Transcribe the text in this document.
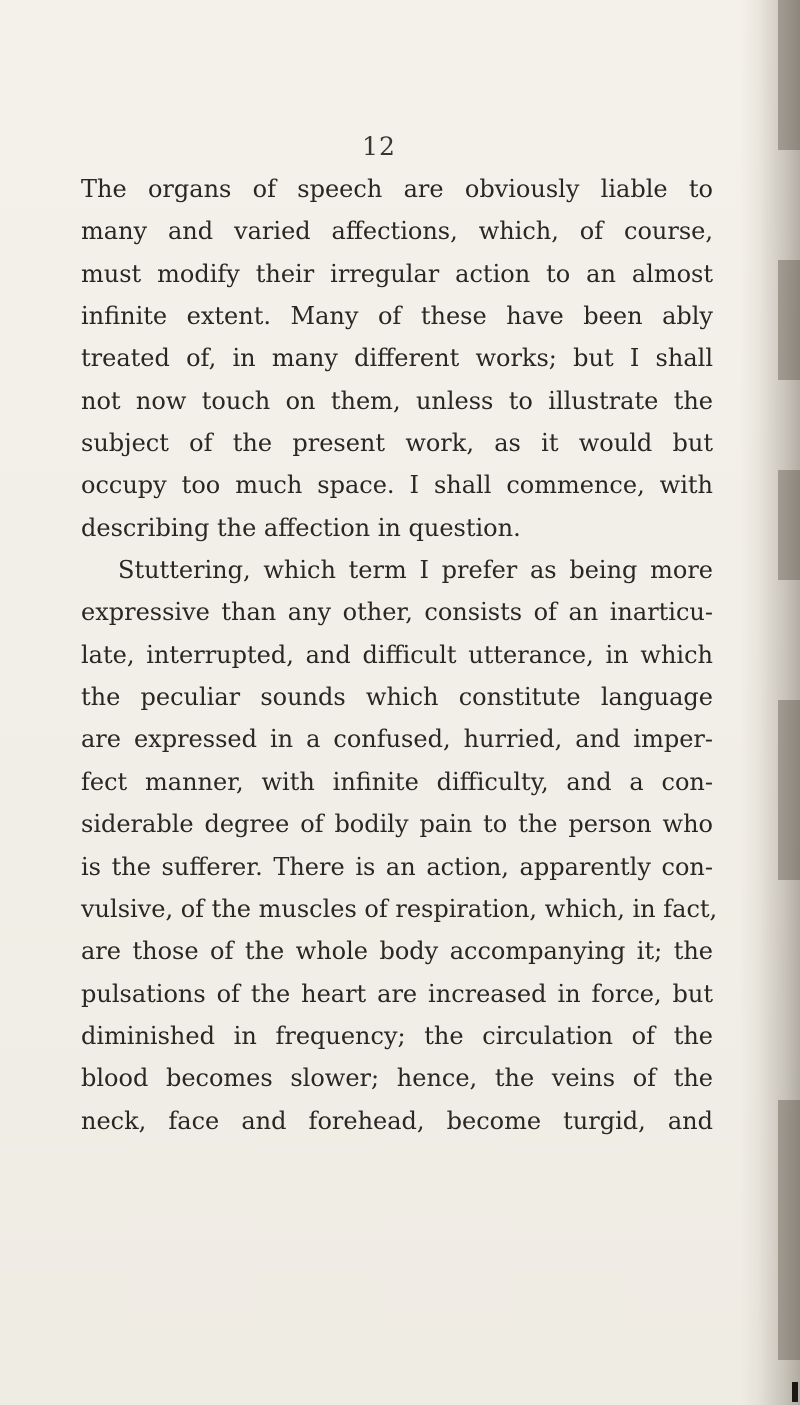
12
The organs of speech are obviously liable to
many and varied affections, which, of course,
must modify their irregular action to an almost
infinite extent. Many of these have been ably
treated of, in many different works; but I shall
not now touch on them, unless to illustrate the
subject of the present work, as it would but
occupy too much space. I shall commence, with
describing the affection in question.
Stuttering, which term I prefer as being more
expressive than any other, consists of an inarticu-
late, interrupted, and difficult utterance, in which
the peculiar sounds which constitute language
are expressed in a confused, hurried, and imper-
fect manner, with infinite difficulty, and a con-
siderable degree of bodily pain to the person who
is the sufferer. There is an action, apparently con-
vulsive, of the muscles of respiration, which, in fact,
are those of the whole body accompanying it; the
pulsations of the heart are increased in force, but
diminished in frequency; the circulation of the
blood becomes slower; hence, the veins of the
neck, face and forehead, become turgid, and
